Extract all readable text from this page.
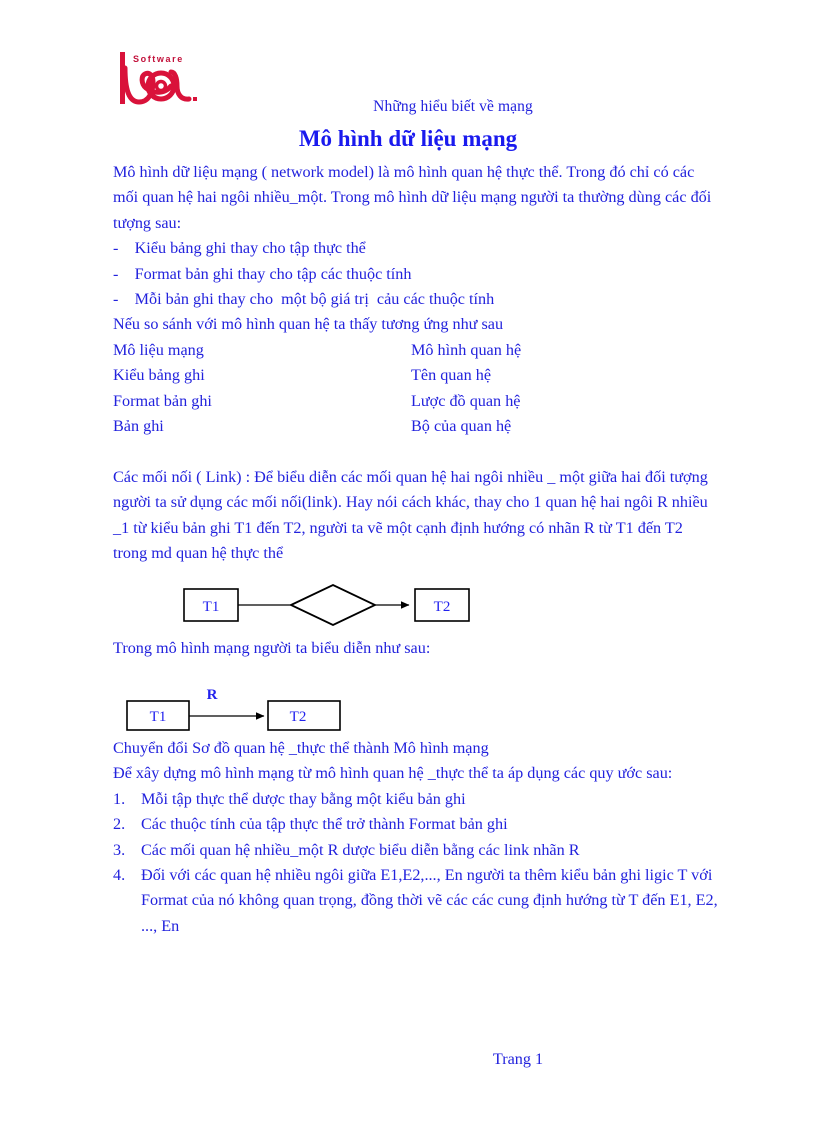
Software
Những hiểu biết về mạng
Mô hình dữ liệu mạng

Mô hình dữ liệu mạng ( network model) là mô hình quan hệ thực thể. Trong đó chỉ có các mối quan hệ hai ngôi nhiều_một. Trong mô hình dữ liệu mạng người ta thường dùng các đối tượng sau:

-    Kiểu bảng ghi thay cho tập thực thể
-    Format bản ghi thay cho tập các thuộc tính
-    Mỗi bản ghi thay cho  một bộ giá trị  cảu các thuộc tính

Nếu so sánh với mô hình quan hệ ta thấy tương ứng như sau

Mô liệu mạng	Mô hình quan hệ
Kiểu bảng ghi	Tên quan hệ
Format bản ghi	Lược đồ quan hệ
Bản ghi	Bộ của quan hệ

Các mối nối ( Link) : Để biểu diễn các mối quan hệ hai ngôi nhiều _ một giữa hai đối tượng người ta sử dụng các mối nối(link). Hay nói cách khác, thay cho 1 quan hệ hai ngôi R nhiều _1 từ kiểu bản ghi T1 đến T2, người ta vẽ một cạnh định hướng có nhãn R từ T1 đến T2 trong md quan hệ thực thể

Trong mô hình mạng người ta biểu diễn như sau:

Chuyển đổi Sơ đồ quan hệ _thực thể thành Mô hình mạng

Để xây dựng mô hình mạng từ mô hình quan hệ _thực thể ta áp dụng các quy ước sau:

1. Mỗi tập thực thể dược thay bằng một kiểu bản ghi
2. Các thuộc tính của tập thực thể trở thành Format bản ghi
3. Các mối quan hệ nhiều_một R dược biểu diễn bằng các link nhãn R
4. Đối với các quan hệ nhiều ngôi giữa E1,E2,..., En người ta thêm kiểu bản ghi ligic T với Format của nó không quan trọng, đồng thời vẽ các các cung định hướng từ T đến E1, E2, ..., En
T1	T2
R
T1	T2
Trang 1
